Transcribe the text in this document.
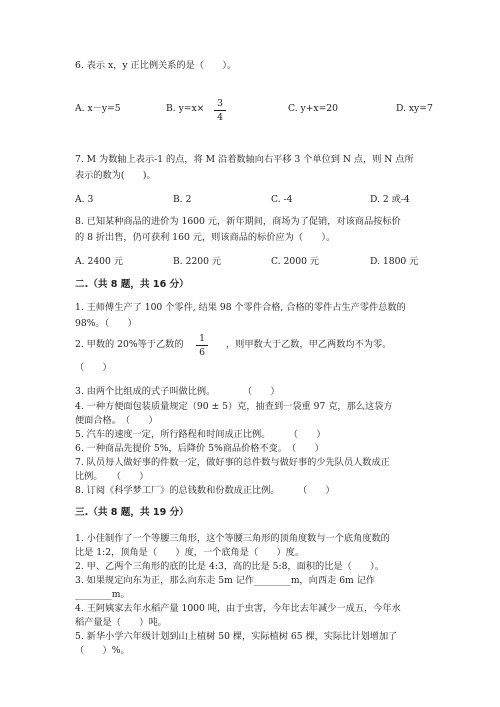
6. 表示 x，y 正比例关系的是（　　）。
A. x－y=5	B. y=x×	3
4
C. y+x=20	D. xy=7
7. M 为数轴上表示-1 的点，将 M 沿着数轴向右平移 3 个单位到 N 点，则 N 点所
表示的数为(　　)。
A. 3	B. 2	C. -4	D. 2 或-4
8. 已知某种商品的进价为 1600 元，新年期间，商场为了促销，对该商品按标价
的 8 折出售，仍可获利 160 元，则该商品的标价应为（　　）。
A. 2400 元	B. 2200 元	C. 2000 元	D. 1800 元
二.（共 8 题，共 16 分）
1. 王师傅生产了 100 个零件, 结果 98 个零件合格, 合格的零件占生产零件总数的
98%。（　　）
2. 甲数的 20%等于乙数的
1
6
，则甲数大于乙数，甲乙两数均不为零。
（　　）
3. 由两个比组成的式子叫做比例。　　　　（　　）
4. 一种方便面包装质量规定（90 ± 5）克，抽查到一袋重 97 克，那么这袋方
便面合格。　（　　）
5. 汽车的速度一定，所行路程和时间成正比例。　　　（　　）
6. 一种商品先提价 5%，后降价 5%商品价格不变。　（　　）
7. 队员每人做好事的件数一定，做好事的总件数与做好事的少先队员人数成正
比例。　　（　　）
8. 订阅《科学梦工厂》的总钱数和份数成正比例。　　　（　　）
三.（共 8 题，共 19 分）
1. 小佳制作了一个等腰三角形，这个等腰三角形的顶角度数与一个底角度数的
比是 1:2，顶角是（　　）度，一个底角是（　　）度。
2. 甲、乙两个三角形的底的比是 4:3，高的比是 5:8，面积的比是（　　）。
3. 如果规定向东为正，那么向东走 5m 记作________m，向西走 6m 记作
________m。
4. 王阿姨家去年水稻产量 1000 吨，由于虫害，今年比去年减少一成五，今年水
稻产量是（　　）吨。
5. 新华小学六年级计划到山上植树 50 棵，实际植树 65 棵，实际比计划增加了
（　　）%。
